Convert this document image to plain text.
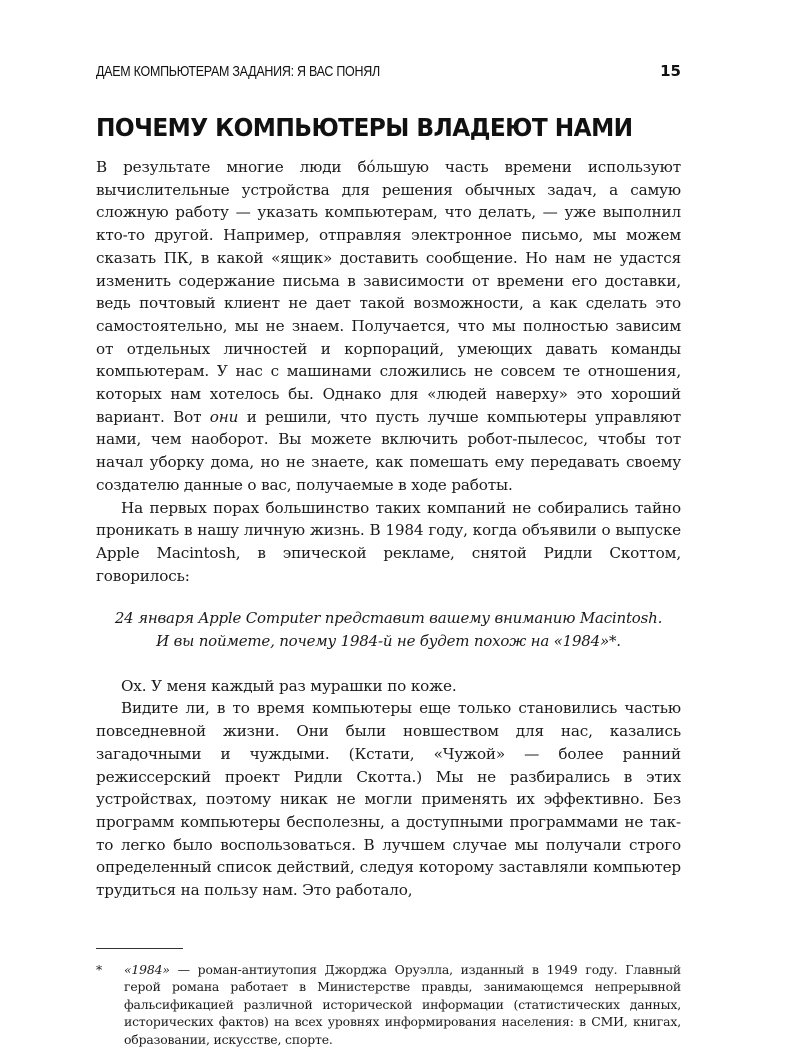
ДАЕМ КОМПЬЮТЕРАМ ЗАДАНИЯ: Я ВАС ПОНЯЛ	15
ПОЧЕМУ КОМПЬЮТЕРЫ ВЛАДЕЮТ НАМИ

В результате многие люди бóльшую часть времени используют вычислительные устройства для решения обычных задач, а самую сложную работу — указать компьютерам, что делать, — уже выполнил кто-то другой. Например, отправляя электронное письмо, мы можем сказать ПК, в какой «ящик» доставить сообщение. Но нам не удастся изменить содержание письма в зависимости от времени его доставки, ведь почтовый клиент не дает такой возможности, а как сделать это самостоятельно, мы не знаем. Получается, что мы полностью зависим от отдельных личностей и корпораций, умеющих давать команды компьютерам. У нас с машинами сложились не совсем те отношения, которых нам хотелось бы. Однако для «людей наверху» это хороший вариант. Вот они и решили, что пусть лучше компьютеры управляют нами, чем наоборот. Вы можете включить робот-пылесос, чтобы тот начал уборку дома, но не знаете, как помешать ему передавать своему создателю данные о вас, получаемые в ходе работы.

На первых порах большинство таких компаний не собирались тайно проникать в нашу личную жизнь. В 1984 году, когда объявили о выпуске Apple Macintosh, в эпической рекламе, снятой Ридли Скоттом, говорилось:

24 января Apple Computer представит вашему вниманию Macintosh.
И вы поймете, почему 1984-й не будет похож на «1984»*.

Ох. У меня каждый раз мурашки по коже.

Видите ли, в то время компьютеры еще только становились частью повседневной жизни. Они были новшеством для нас, казались загадочными и чуждыми. (Кстати, «Чужой» — более ранний режиссерский проект Ридли Скотта.) Мы не разбирались в этих устройствах, поэтому никак не могли применять их эффективно. Без программ компьютеры бесполезны, а доступными программами не так-то легко было воспользоваться. В лучшем случае мы получали строго определенный список действий, следуя которому заставляли компьютер трудиться на пользу нам. Это работало,

*	«1984» — роман-антиутопия Джорджа Оруэлла, изданный в 1949 году. Главный герой романа работает в Министерстве правды, занимающемся непрерывной фальсификацией различной исторической информации (статистических данных, исторических фактов) на всех уровнях информирования населения: в СМИ, книгах, образовании, искусстве, спорте.
